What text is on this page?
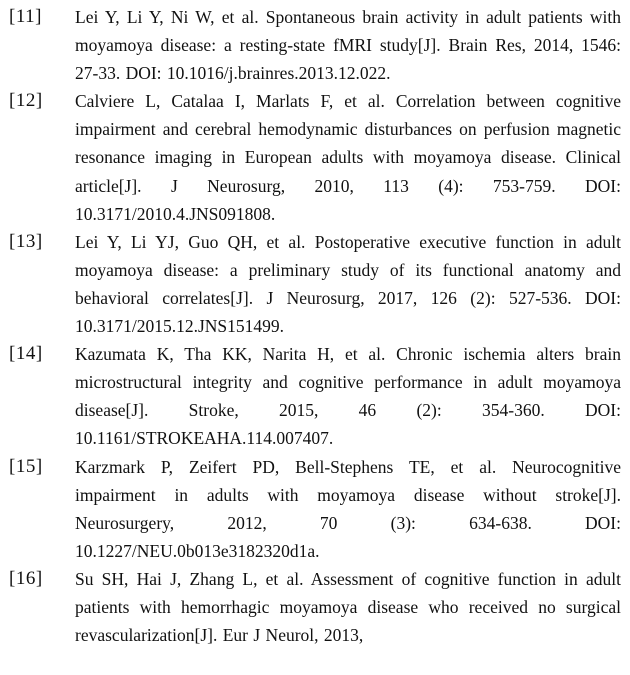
[11] Lei Y, Li Y, Ni W, et al. Spontaneous brain activity in adult patients with moyamoya disease: a resting-state fMRI study[J]. Brain Res, 2014, 1546: 27-33. DOI: 10.1016/j.brainres.2013.12.022.
[12] Calviere L, Catalaa I, Marlats F, et al. Correlation between cognitive impairment and cerebral hemodynamic disturbances on perfusion magnetic resonance imaging in European adults with moyamoya disease. Clinical article[J]. J Neurosurg, 2010, 113 (4): 753-759. DOI: 10.3171/2010.4.JNS091808.
[13] Lei Y, Li YJ, Guo QH, et al. Postoperative executive function in adult moyamoya disease: a preliminary study of its functional anatomy and behavioral correlates[J]. J Neurosurg, 2017, 126 (2): 527-536. DOI: 10.3171/2015.12.JNS151499.
[14] Kazumata K, Tha KK, Narita H, et al. Chronic ischemia alters brain microstructural integrity and cognitive performance in adult moyamoya disease[J]. Stroke, 2015, 46 (2): 354-360. DOI: 10.1161/STROKEAHA.114.007407.
[15] Karzmark P, Zeifert PD, Bell-Stephens TE, et al. Neurocognitive impairment in adults with moyamoya disease without stroke[J]. Neurosurgery, 2012, 70 (3): 634-638. DOI: 10.1227/NEU.0b013e3182320d1a.
[16] Su SH, Hai J, Zhang L, et al. Assessment of cognitive function in adult patients with hemorrhagic moyamoya disease who received no surgical revascularization[J]. Eur J Neurol, 2013,
